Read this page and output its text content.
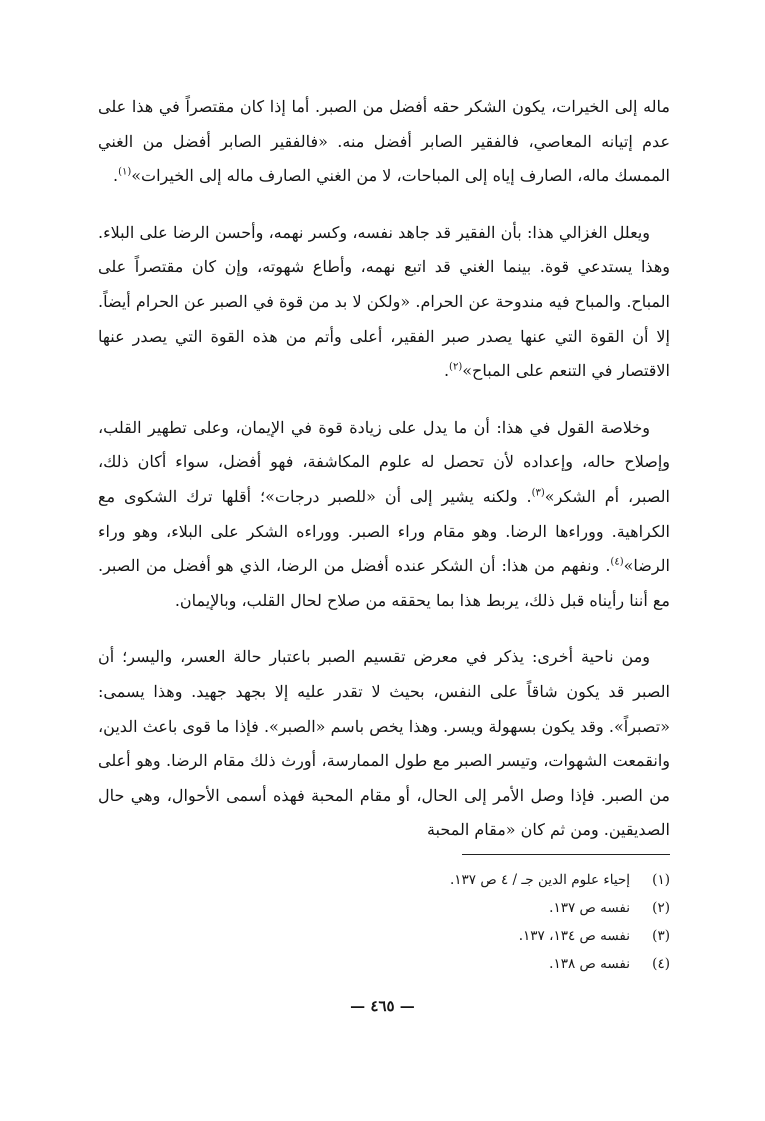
ماله إلى الخيرات، يكون الشكر حقه أفضل من الصبر. أما إذا كان مقتصراً في هذا على عدم إتيانه المعاصي، فالفقير الصابر أفضل منه. «فالفقير الصابر أفضل من الغني الممسك ماله، الصارف إياه إلى المباحات، لا من الغني الصارف ماله إلى الخيرات»$^{(١)}$.

ويعلل الغزالي هذا: بأن الفقير قد جاهد نفسه، وكسر نهمه، وأحسن الرضا على البلاء. وهذا يستدعي قوة. بينما الغني قد اتبع نهمه، وأطاع شهوته، وإن كان مقتصراً على المباح. والمباح فيه مندوحة عن الحرام. «ولكن لا بد من قوة في الصبر عن الحرام أيضاً. إلا أن القوة التي عنها يصدر صبر الفقير، أعلى وأتم من هذه القوة التي يصدر عنها الاقتصار في التنعم على المباح»$^{(٢)}$.

وخلاصة القول في هذا: أن ما يدل على زيادة قوة في الإيمان، وعلى تطهير القلب، وإصلاح حاله، وإعداده لأن تحصل له علوم المكاشفة، فهو أفضل، سواء أكان ذلك، الصبر، أم الشكر»$^{(٣)}$. ولكنه يشير إلى أن «للصبر درجات»؛ أقلها ترك الشكوى مع الكراهية. ووراءها الرضا. وهو مقام وراء الصبر. ووراءه الشكر على البلاء، وهو وراء الرضا»$^{(٤)}$. ونفهم من هذا: أن الشكر عنده أفضل من الرضا، الذي هو أفضل من الصبر. مع أننا رأيناه قبل ذلك، يربط هذا بما يحققه من صلاح لحال القلب، وبالإيمان.

ومن ناحية أخرى: يذكر في معرض تقسيم الصبر باعتبار حالة العسر، واليسر؛ أن الصبر قد يكون شاقاً على النفس، بحيث لا تقدر عليه إلا بجهد جهيد. وهذا يسمى: «تصبراً». وقد يكون بسهولة ويسر. وهذا يخص باسم «الصبر». فإذا ما قوى باعث الدين، وانقمعت الشهوات، وتيسر الصبر مع طول الممارسة، أورث ذلك مقام الرضا. وهو أعلى من الصبر. فإذا وصل الأمر إلى الحال، أو مقام المحبة فهذه أسمى الأحوال، وهي حال الصديقين. ومن ثم كان «مقام المحبة

(١)إحياء علوم الدين جـ / ٤ ص ١٣٧.
(٢)نفسه ص ١٣٧.
(٣)نفسه ص ١٣٤، ١٣٧.
(٤)نفسه ص ١٣٨.
— ٤٦٥ —
